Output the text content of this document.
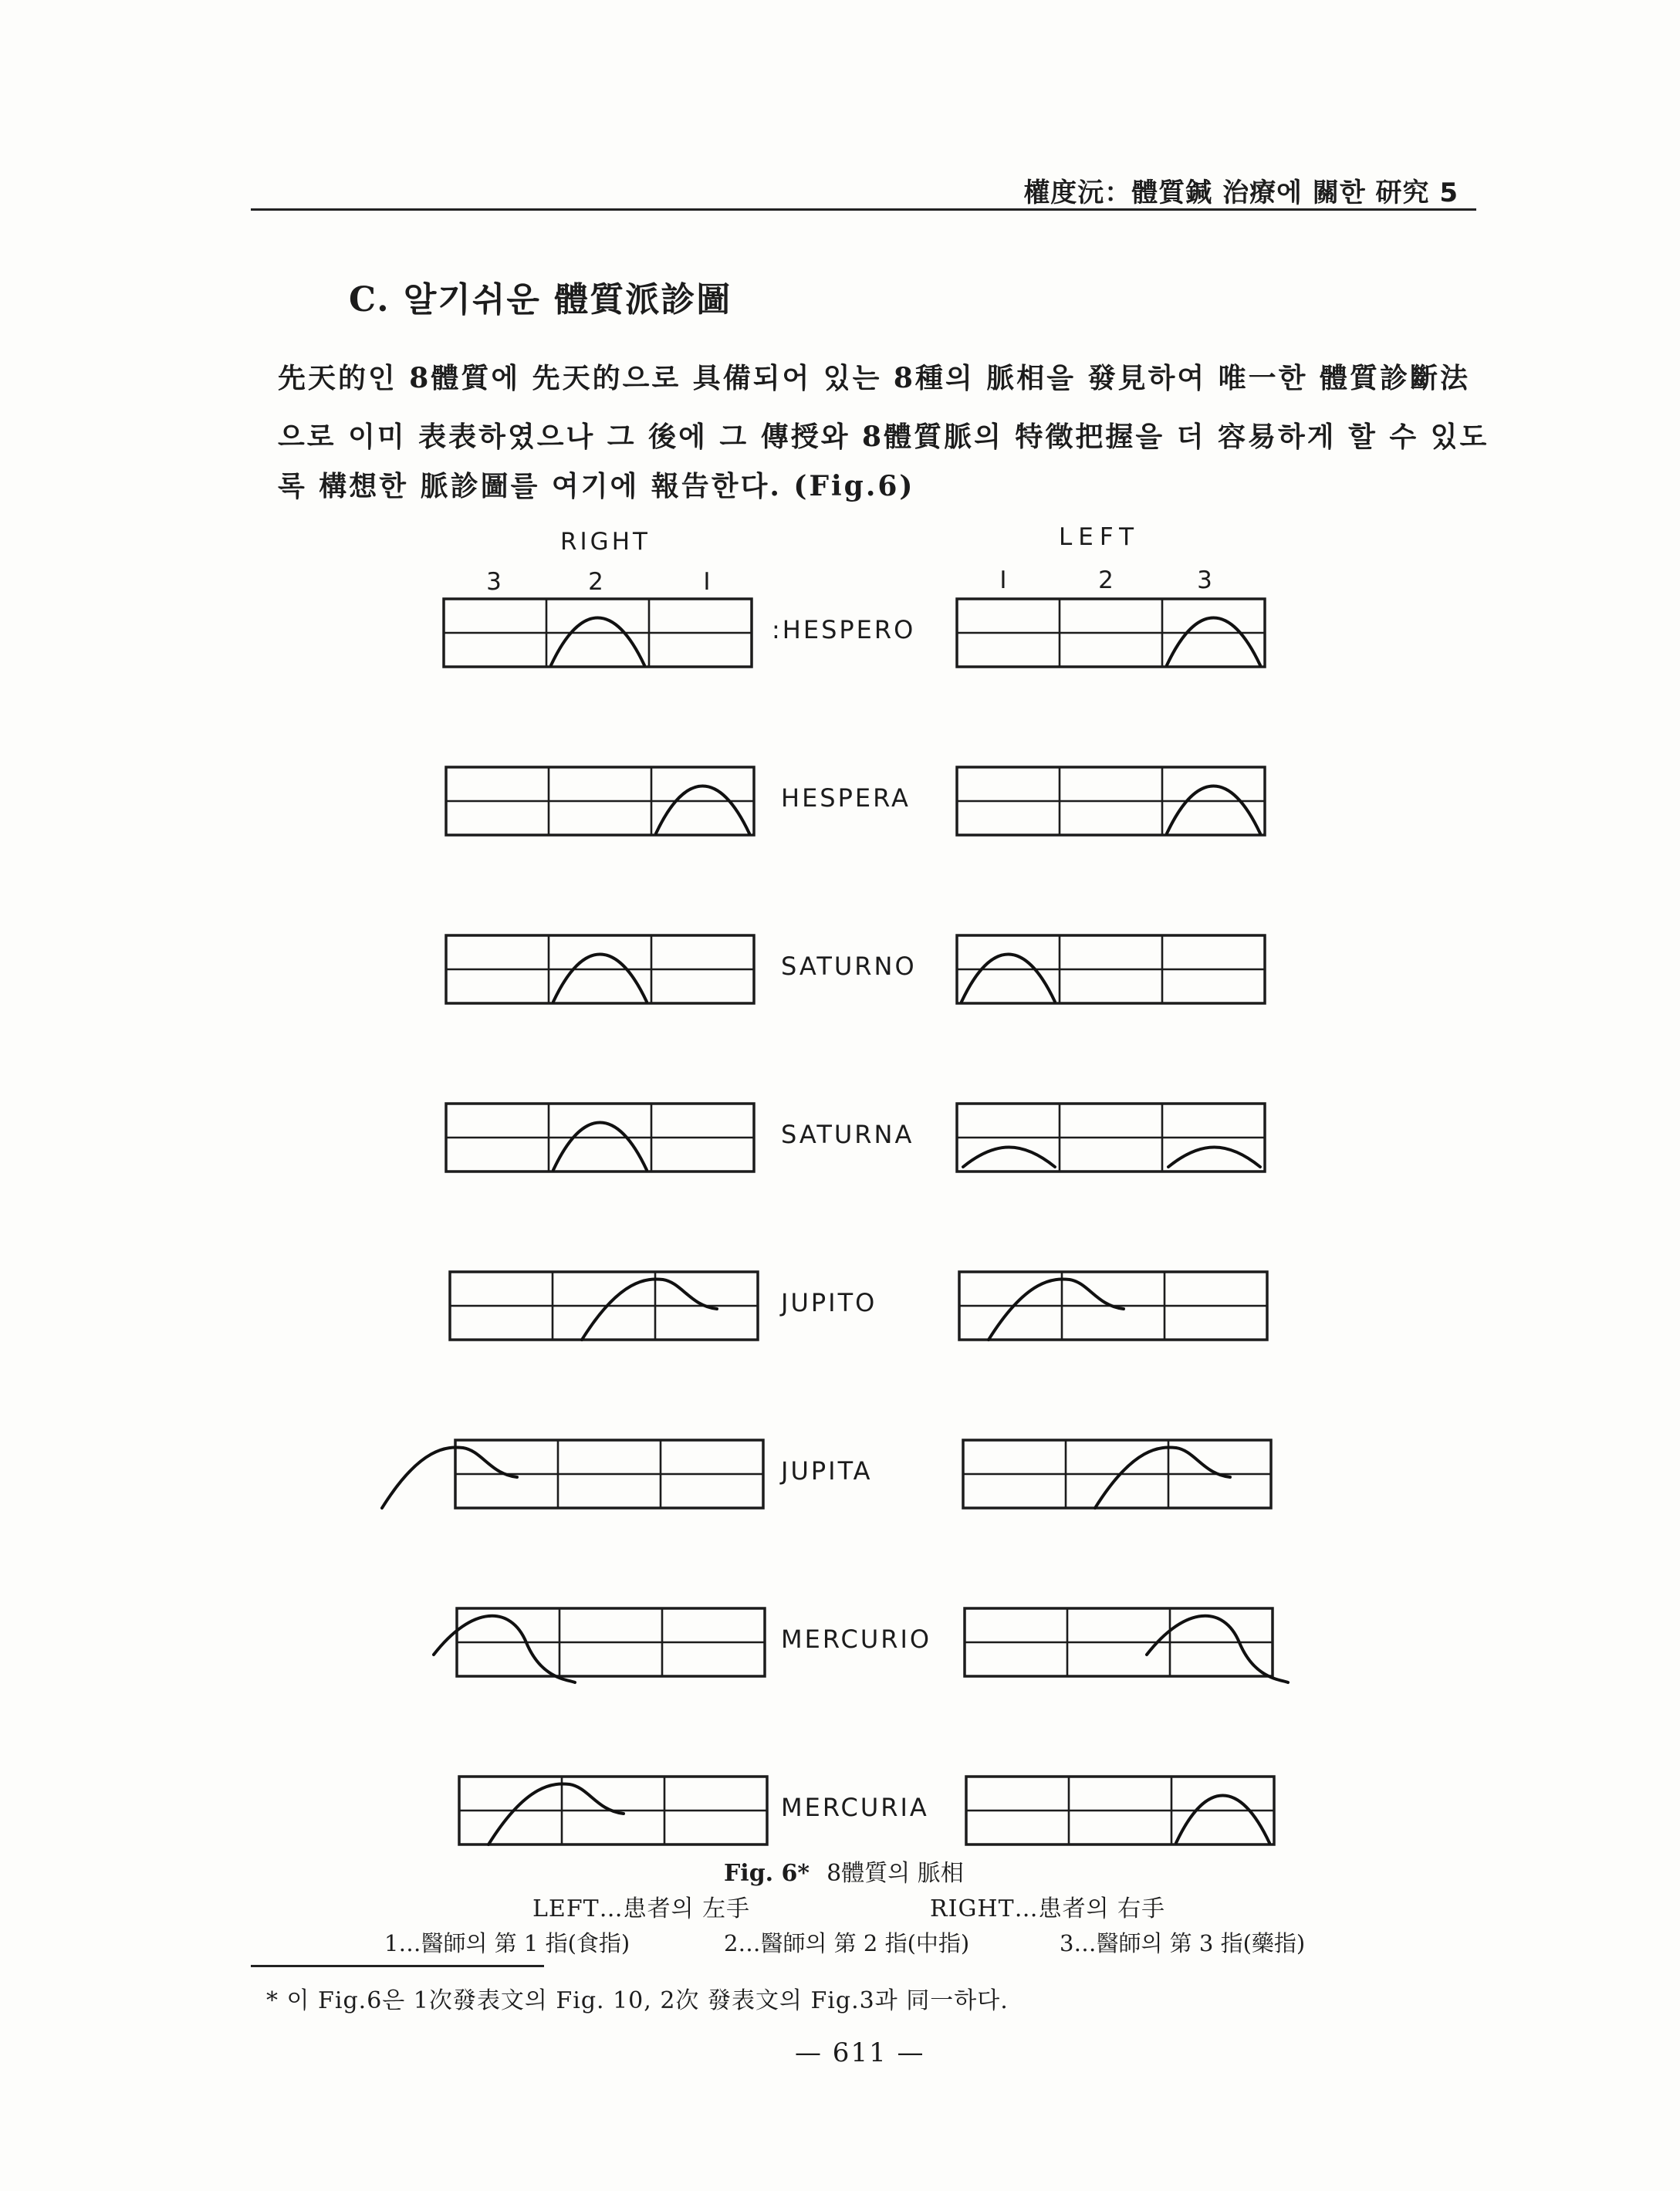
權度沅：體質鍼 治療에 關한 研究 5
C. 알기쉬운 體質派診圖
先天的인 8體質에 先天的으로 具備되어 있는 8種의 脈相을 發見하여 唯一한 體質診斷法
으로 이미 表表하였으나 그 後에 그 傳授와 8體質脈의 特徵把握을 더 容易하게 할 수 있도
록 構想한 脈診圖를 여기에 報告한다. (Fig.6)
RIGHT	LEFT
3	2	I	I	2	3
:HESPERO
HESPERA
SATURNO
SATURNA
JUPITO
JUPITA
MERCURIO
MERCURIA
Fig. 6* 8體質의 脈相
LEFT…患者의 左手	RIGHT…患者의 右手
1…醫師의 第 1 指(食指)	2…醫師의 第 2 指(中指)	3…醫師의 第 3 指(藥指)
* 이 Fig.6은 1次發表文의 Fig. 10, 2次 發表文의 Fig.3과 同一하다.
— 611 —
